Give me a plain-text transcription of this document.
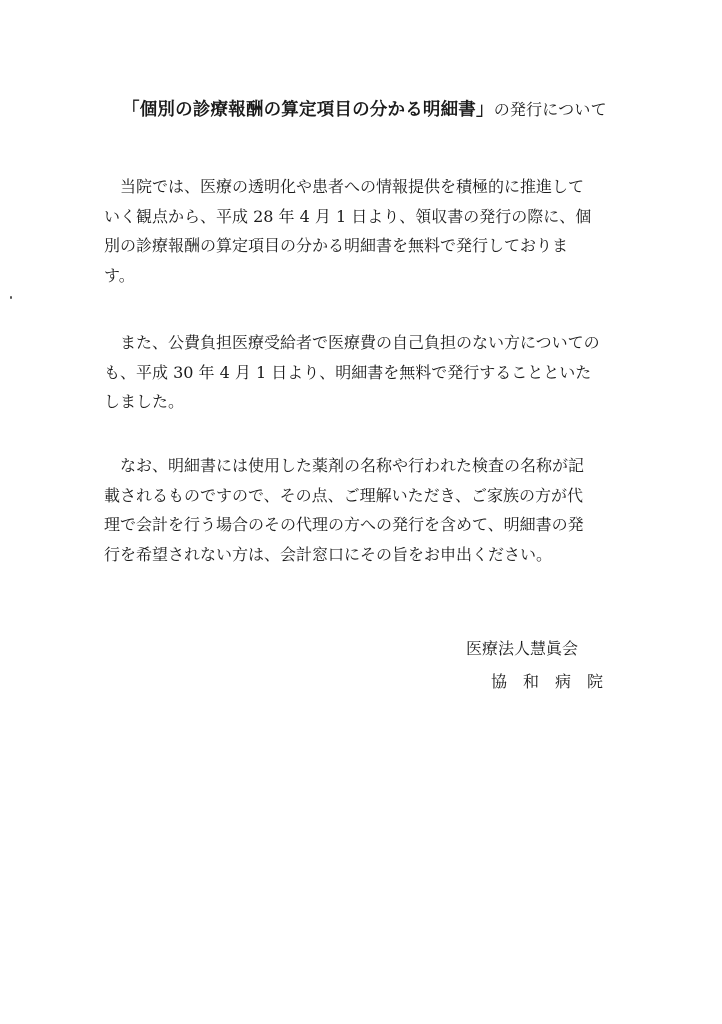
「個別の診療報酬の算定項目の分かる明細書」の発行について

　当院では、医療の透明化や患者への情報提供を積極的に推進して
いく観点から、平成 28 年 4 月 1 日より、領収書の発行の際に、個
別の診療報酬の算定項目の分かる明細書を無料で発行しておりま
す。

　また、公費負担医療受給者で医療費の自己負担のない方についての
も、平成 30 年 4 月 1 日より、明細書を無料で発行することといた
しました。

　なお、明細書には使用した薬剤の名称や行われた検査の名称が記
載されるものですので、その点、ご理解いただき、ご家族の方が代
理で会計を行う場合のその代理の方への発行を含めて、明細書の発
行を希望されない方は、会計窓口にその旨をお申出ください。

医療法人慧眞会
協和病院
